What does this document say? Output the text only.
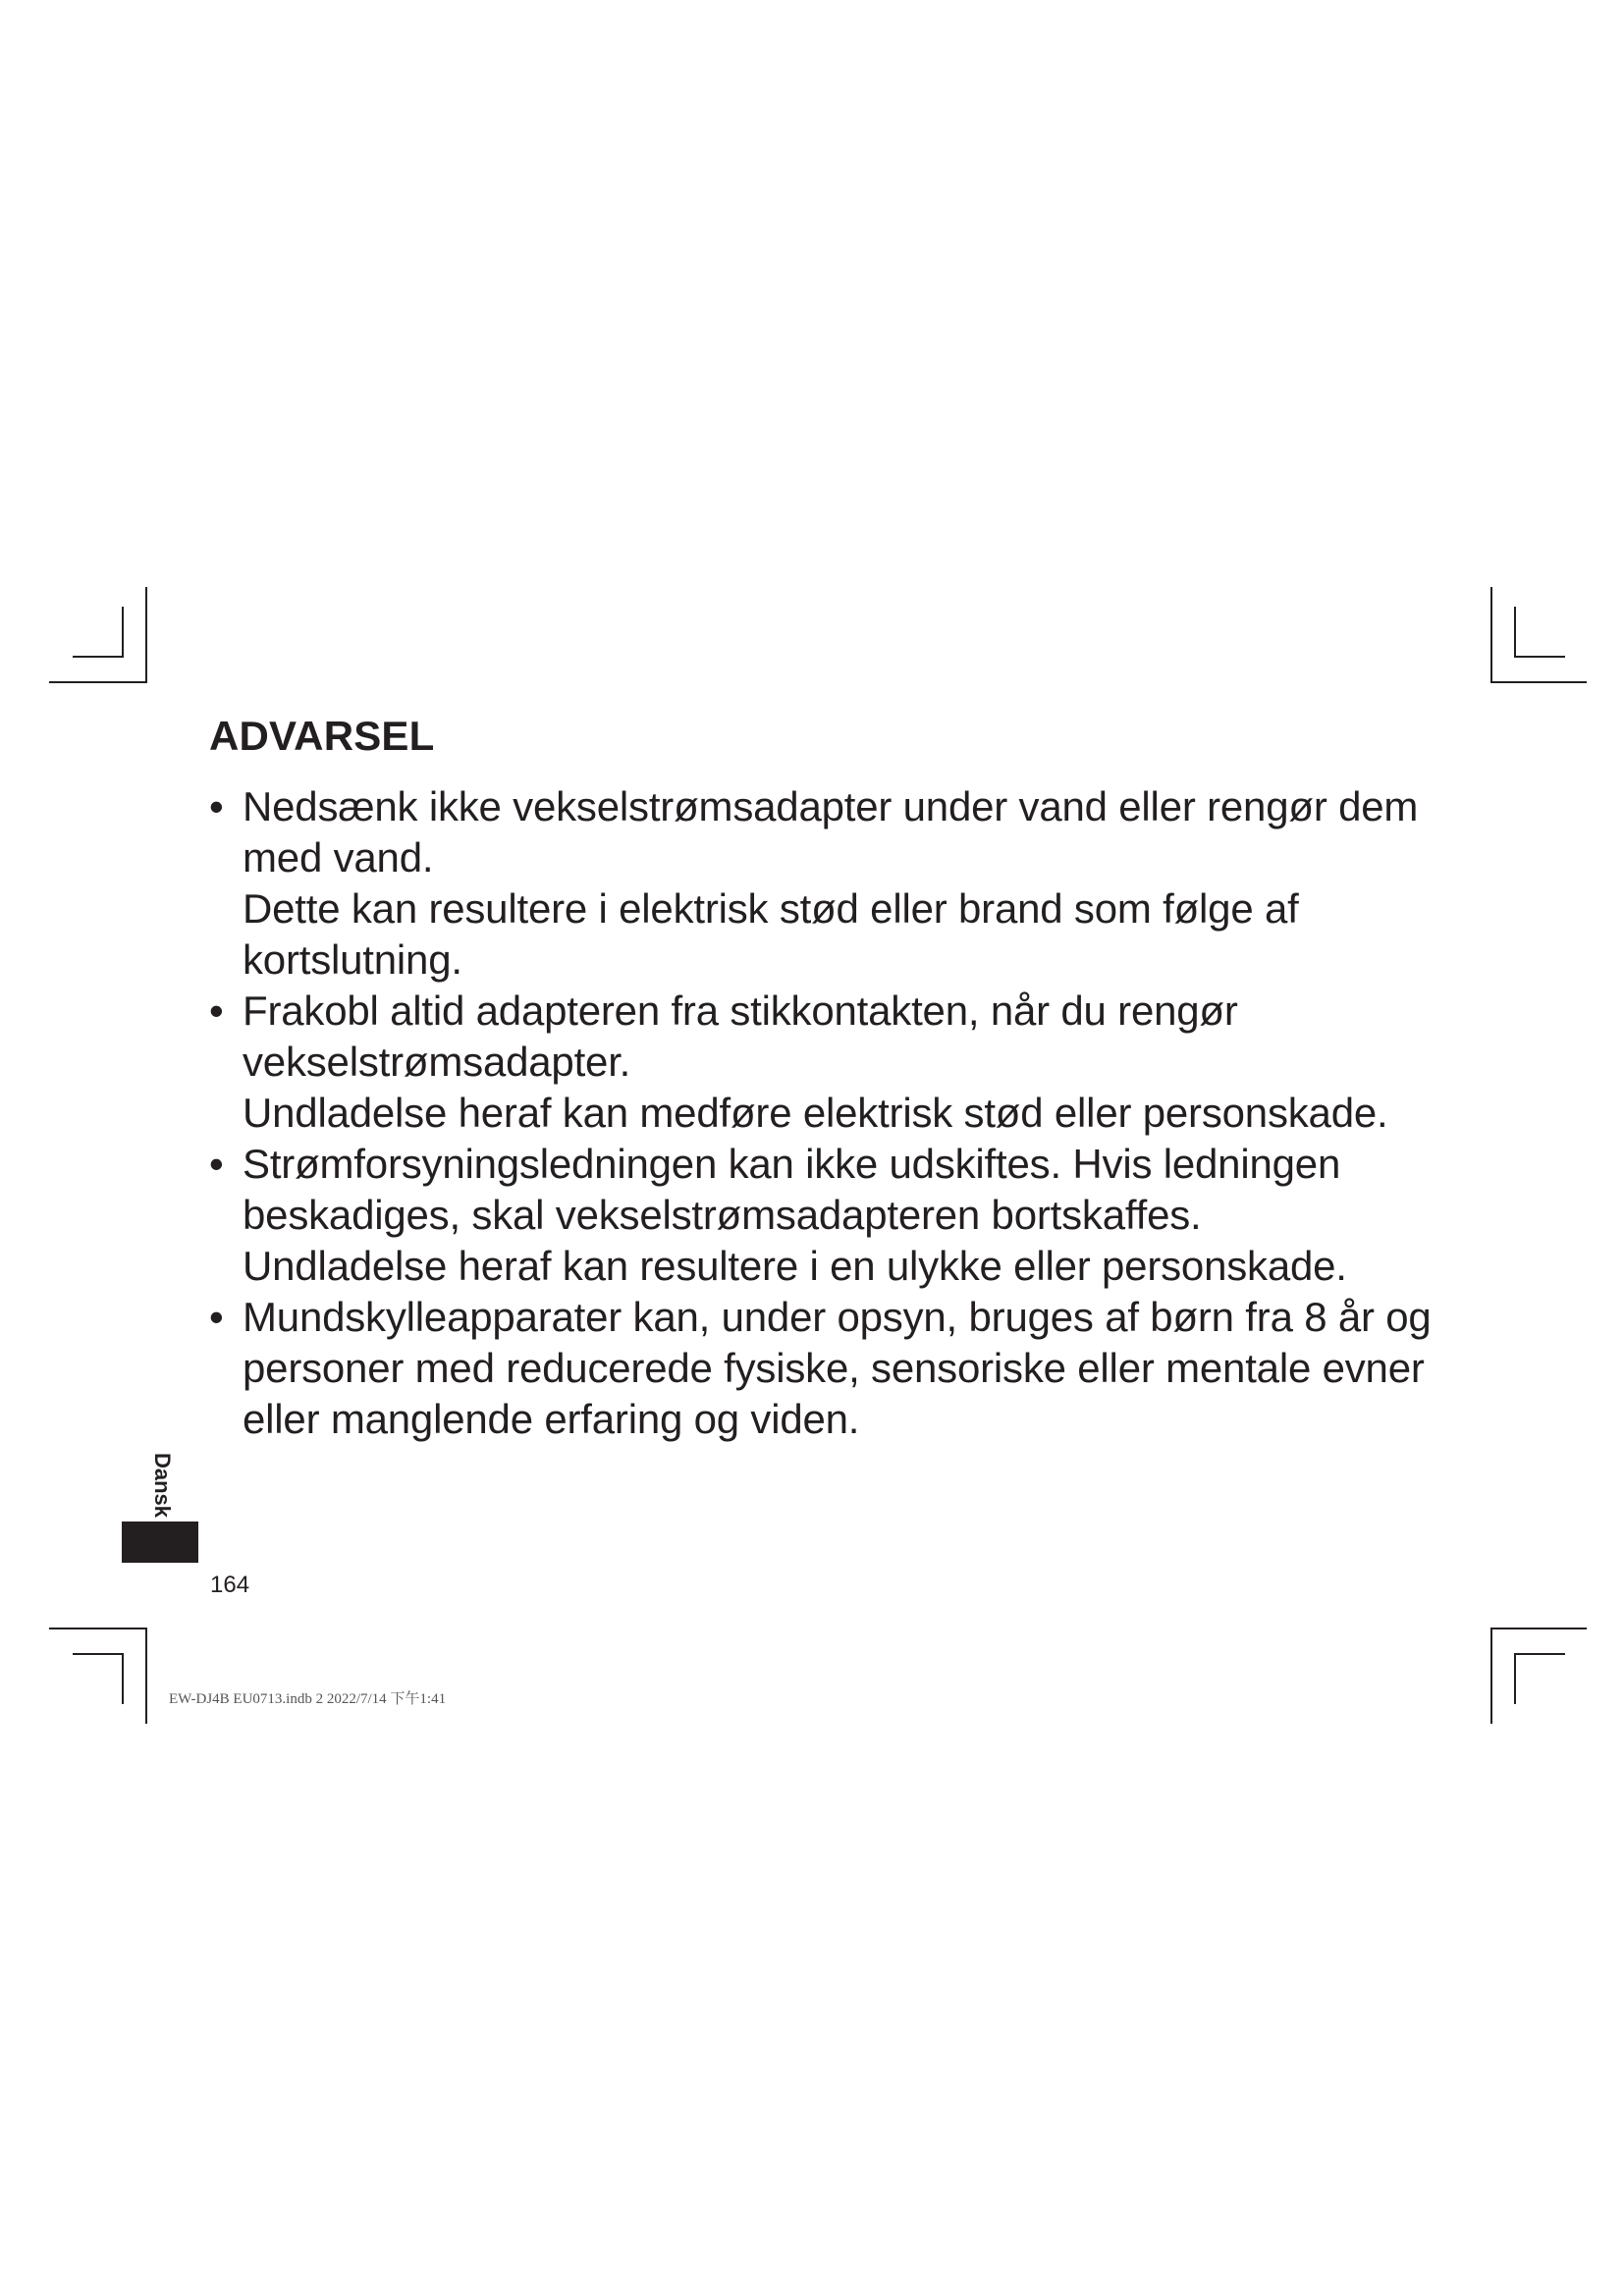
ADVARSEL
• Nedsænk ikke vekselstrømsadapter under vand eller rengør dem med vand.
Dette kan resultere i elektrisk stød eller brand som følge af kortslutning.
• Frakobl altid adapteren fra stikkontakten, når du rengør vekselstrømsadapter.
Undladelse heraf kan medføre elektrisk stød eller personskade.
• Strømforsyningsledningen kan ikke udskiftes. Hvis ledningen beskadiges, skal vekselstrømsadapteren bortskaffes.
Undladelse heraf kan resultere i en ulykke eller personskade.
• Mundskylleapparater kan, under opsyn, bruges af børn fra 8 år og personer med reducerede fysiske, sensoriske eller mentale evner eller manglende erfaring og viden.
Dansk
164
EW-DJ4B EU0713.indb 2 2022/7/14 下午1:41
